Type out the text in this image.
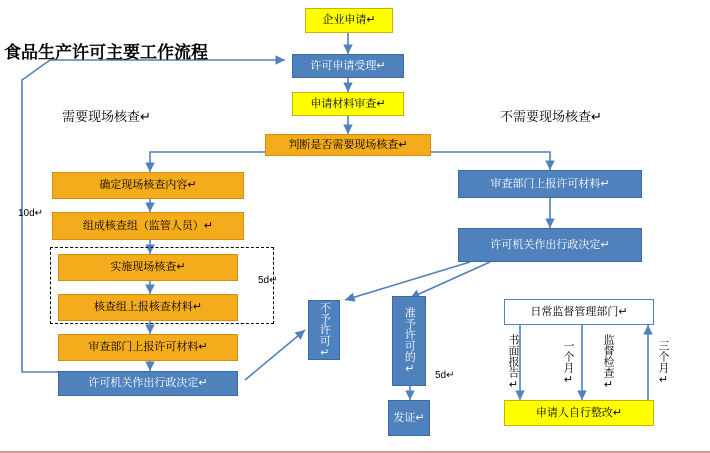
食品生产许可主要工作流程
需要现场核查↵	不需要现场核查↵
10d↵
5d↵
5d↵
企业申请↵
许可申请受理↵
申请材料审查↵
判断是否需要现场核查↵
确定现场核查内容↵
组成核查组（监管人员）↵
实施现场核查↵
核查组上报核查材料↵
审查部门上报许可材料↵
许可机关作出行政决定↵
审查部门上报许可材料↵
许可机关作出行政决定↵
不予许可↵	准予许可的↵
发证↵
日常监督管理部门↵
申请人自行整改↵
书面报告↵	一个月↵	监督检查↵	三个月↵
